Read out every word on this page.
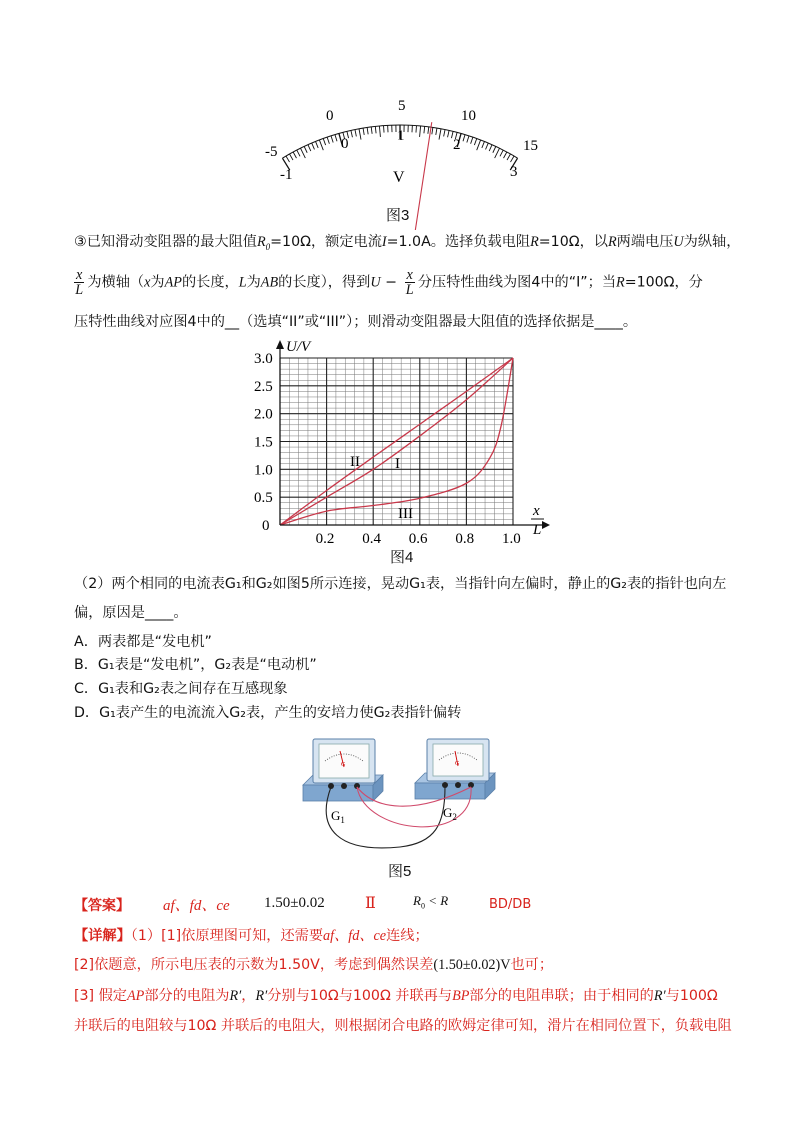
-5
0
5
10
15
-1
0	1
2
3
V
图3
③已知滑动变阻器的最大阻值$R_0=10\Omega$，额定电流I=1.0A。选择负载电阻R=10Ω，以R两端电压U为纵轴，
$\frac{x}{L}$ 为横轴（x为AP的长度，L为AB的长度），得到$U - \frac{x}{L}$ 分压特性曲线为图4中的“I”；当R=100Ω，分
压特性曲线对应图4中的__（选填“II”或“III”）；则滑动变阻器最大阻值的选择依据是____。
0.2 0.4 0.6 0.8 1.0
0
0.5
1.0
1.5
2.0
2.5
3.0
U/V
x
L
I
II
III
图4
（2）两个相同的电流表G₁和G₂如图5所示连接，晃动G₁表，当指针向左偏时，静止的G₂表的指针也向左
偏，原因是____。
A．两表都是“发电机”
B．G₁表是“发电机”，G₂表是“电动机”
C．G₁表和G₂表之间存在互感现象
D．G₁表产生的电流流入G₂表，产生的安培力使G₂表指针偏转
G	G
$G_1$	$G_2$
图5
【答案】 af、fd、ce 1.50±0.02	Ⅱ	$R_0 < R$	BD/DB
【详解】（1）[1]依原理图可知，还需要af、fd、ce连线；
[2]依题意，所示电压表的示数为1.50V，考虑到偶然误差(1.50±0.02)V也可；
[3] 假定AP部分的电阻为R′，R′分别与10Ω与100Ω 并联再与BP部分的电阻串联；由于相同的R′与100Ω
并联后的电阻较与10Ω 并联后的电阻大，则根据闭合电路的欧姆定律可知，滑片在相同位置下，负载电阻
